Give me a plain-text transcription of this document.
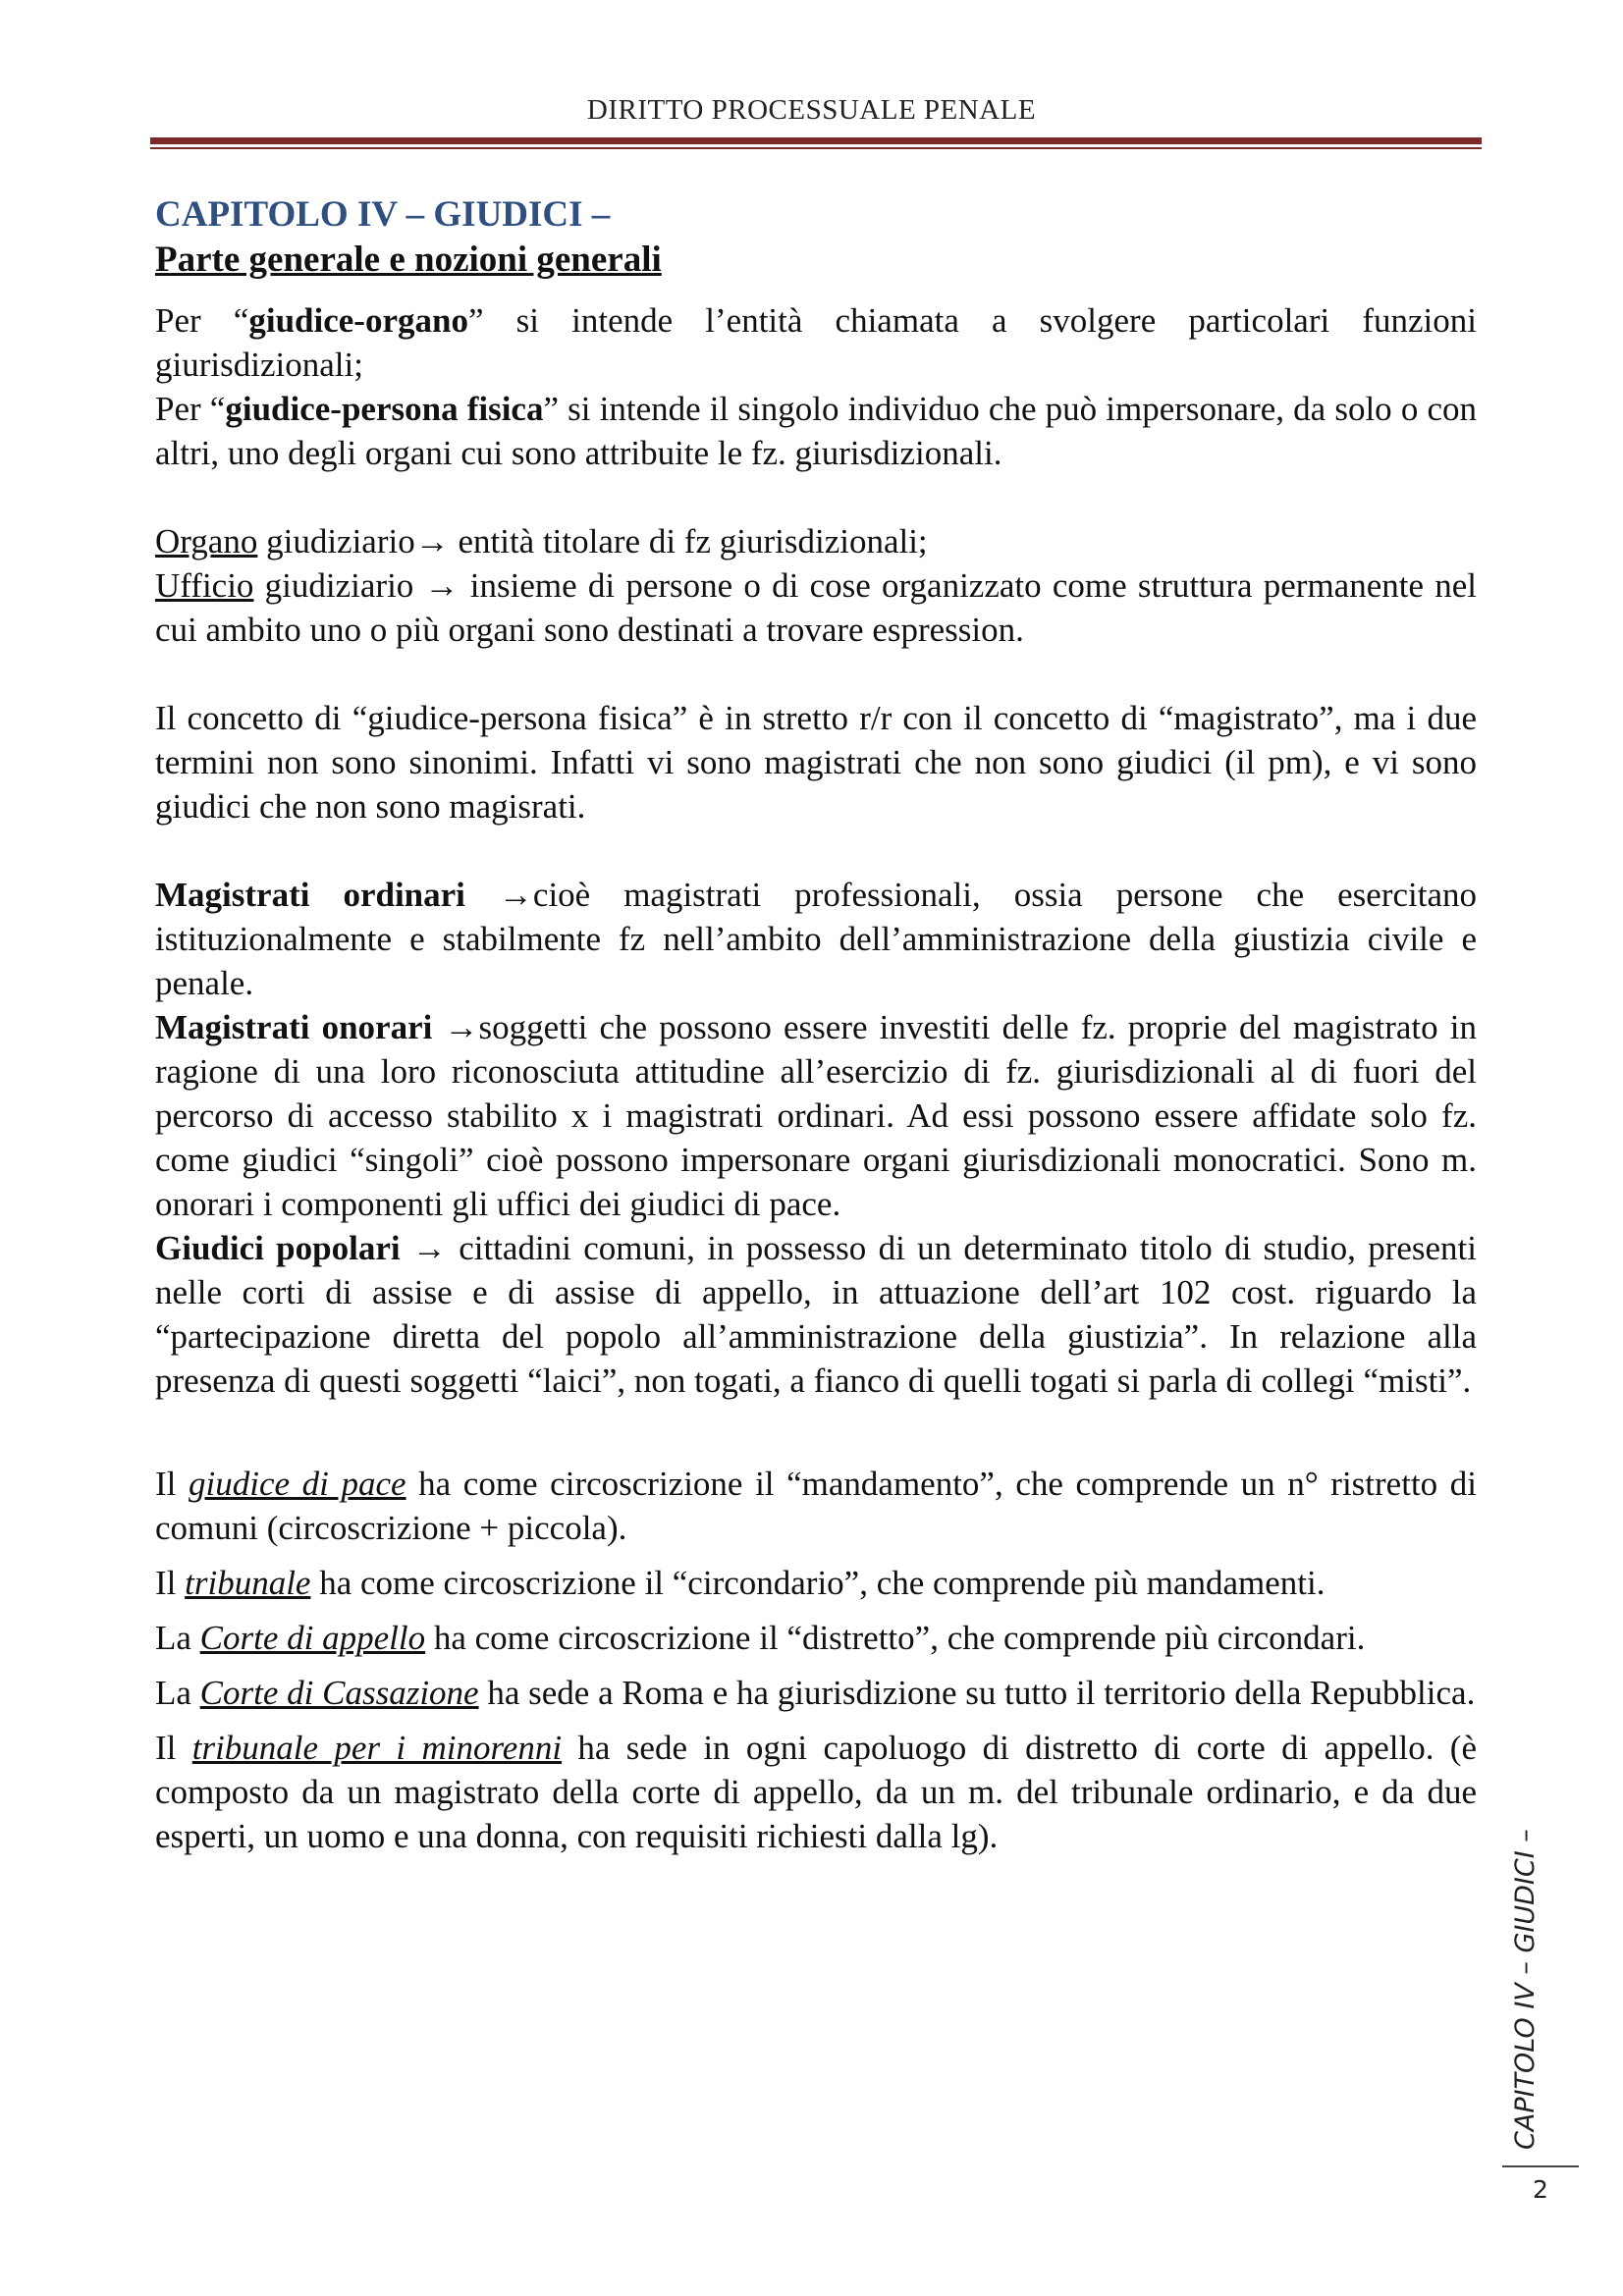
DIRITTO PROCESSUALE PENALE

CAPITOLO IV – GIUDICI –

Parte generale e nozioni generali

Per “giudice-organo” si intende l’entità chiamata a svolgere particolari funzioni giurisdizionali;

Per “giudice-persona fisica” si intende il singolo individuo che può impersonare, da solo o con altri, uno degli organi cui sono attribuite le fz. giurisdizionali.

Organo giudiziario→ entità titolare di fz giurisdizionali;

Ufficio giudiziario → insieme di persone o di cose organizzato come struttura permanente nel cui ambito uno o più organi sono destinati a trovare espression.

Il concetto di “giudice-persona fisica” è in stretto r/r con il concetto di “magistrato”, ma i due termini non sono sinonimi. Infatti vi sono magistrati che non sono giudici (il pm), e vi sono giudici che non sono magisrati.

Magistrati ordinari →cioè magistrati professionali, ossia persone che esercitano istituzionalmente e stabilmente fz nell’ambito dell’amministrazione della giustizia civile e penale.

Magistrati onorari →soggetti che possono essere investiti delle fz. proprie del magistrato in ragione di una loro riconosciuta attitudine all’esercizio di fz. giurisdizionali al di fuori del percorso di accesso stabilito x i magistrati ordinari. Ad essi possono essere affidate solo fz. come giudici “singoli” cioè possono impersonare organi giurisdizionali monocratici. Sono m. onorari i componenti gli uffici dei giudici di pace.

Giudici popolari → cittadini comuni, in possesso di un determinato titolo di studio, presenti nelle corti di assise e di assise di appello, in attuazione dell’art 102 cost. riguardo la “partecipazione diretta del popolo all’amministrazione della giustizia”. In relazione alla presenza di questi soggetti “laici”, non togati, a fianco di quelli togati si parla di collegi “misti”.

Il giudice di pace ha come circoscrizione il “mandamento”, che comprende un n° ristretto di comuni (circoscrizione + piccola).

Il tribunale ha come circoscrizione il “circondario”, che comprende più mandamenti.

La Corte di appello ha come circoscrizione il “distretto”, che comprende più circondari.

La Corte di Cassazione ha sede a Roma e ha giurisdizione su tutto il territorio della Repubblica.

Il tribunale per i minorenni ha sede in ogni capoluogo di distretto di corte di appello. (è composto da un magistrato della corte di appello, da un m. del tribunale ordinario, e da due esperti, un uomo e una donna, con requisiti richiesti dalla lg).	CAPITOLO IV – GIUDICI –
2
